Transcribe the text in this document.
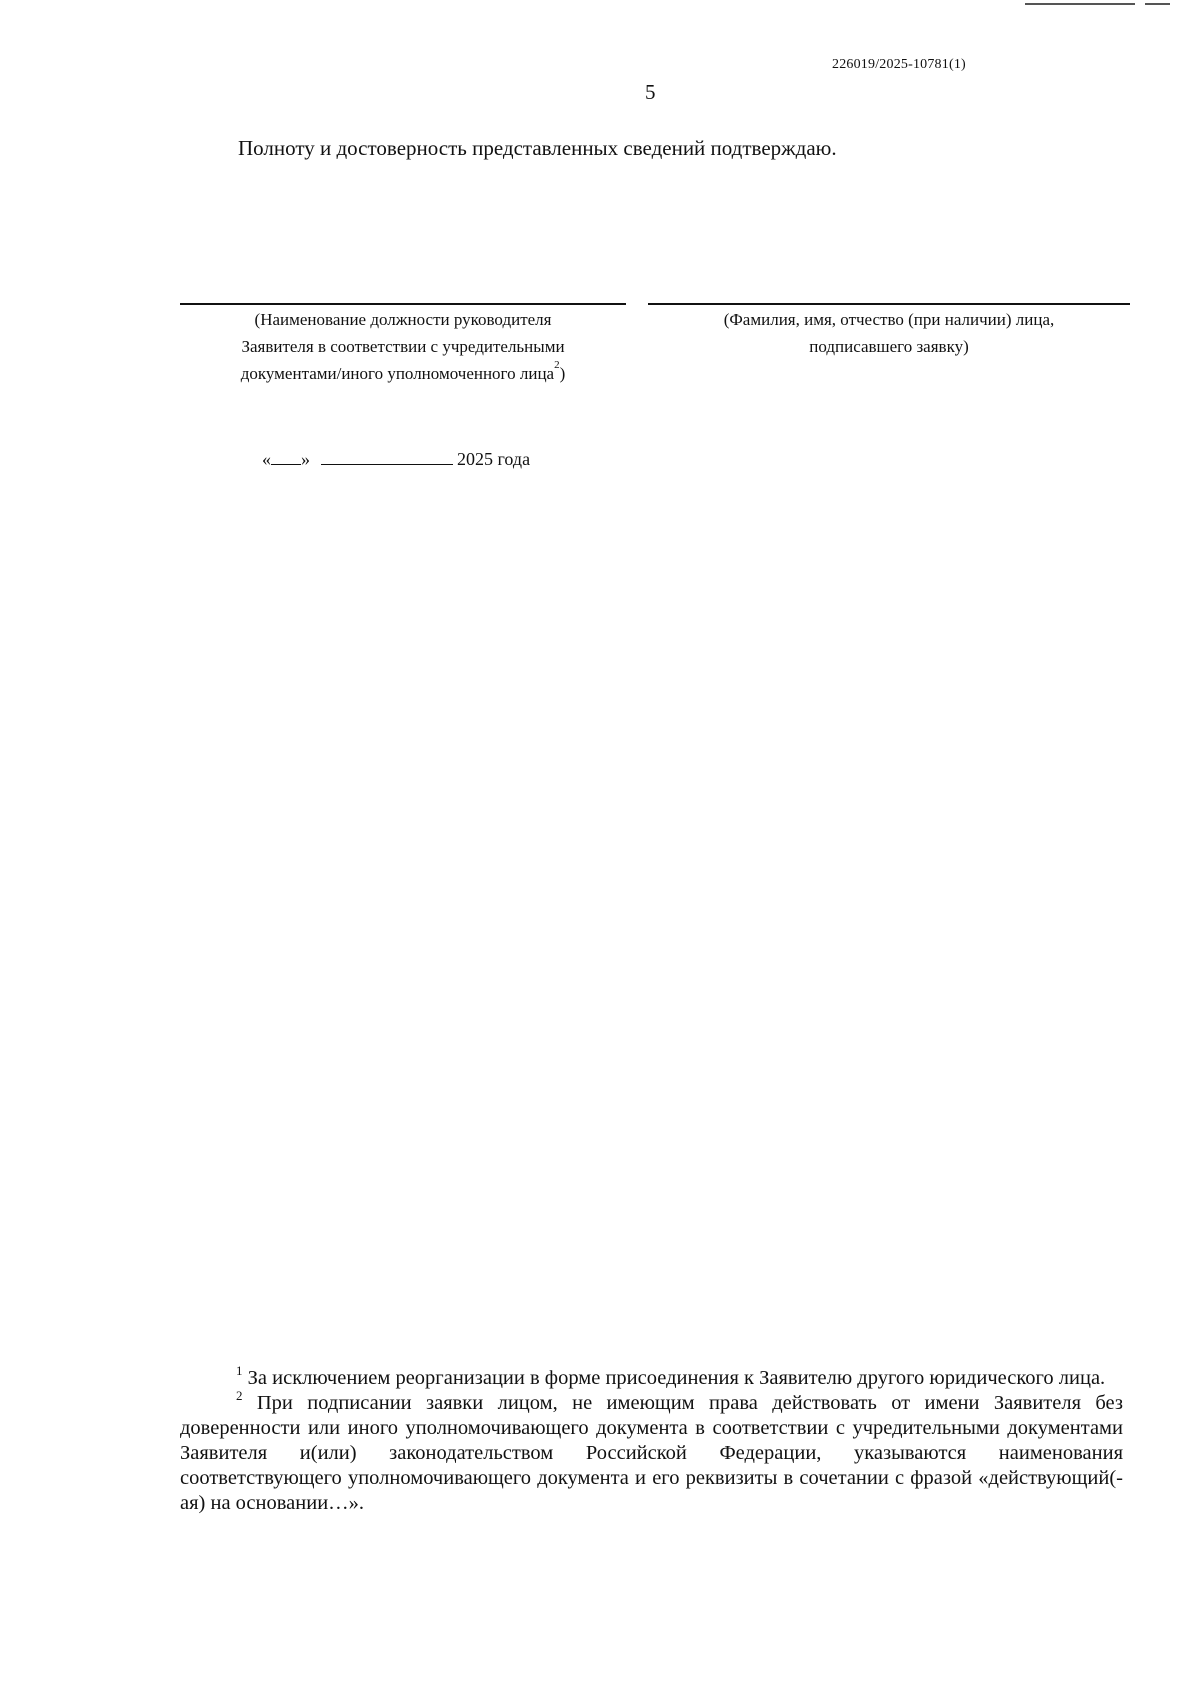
226019/2025-10781(1)
5
Полноту и достоверность представленных сведений подтверждаю.
(Наименование должности руководителя
Заявителя в соответствии с учредительными
документами/иного уполномоченного лица$^2$)
(Фамилия, имя, отчество (при наличии) лица,
подписавшего заявку)
« »	2025 года

$^1$ За исключением реорганизации в форме присоединения к Заявителю другого юридического лица.

$^2$ При подписании заявки лицом, не имеющим права действовать от имени Заявителя без доверенности или иного уполномочивающего документа в соответствии с учредительными документами Заявителя и(или) законодательством Российской Федерации, указываются наименования соответствующего уполномочивающего документа и его реквизиты в сочетании с фразой «действующий(-ая) на основании…».
